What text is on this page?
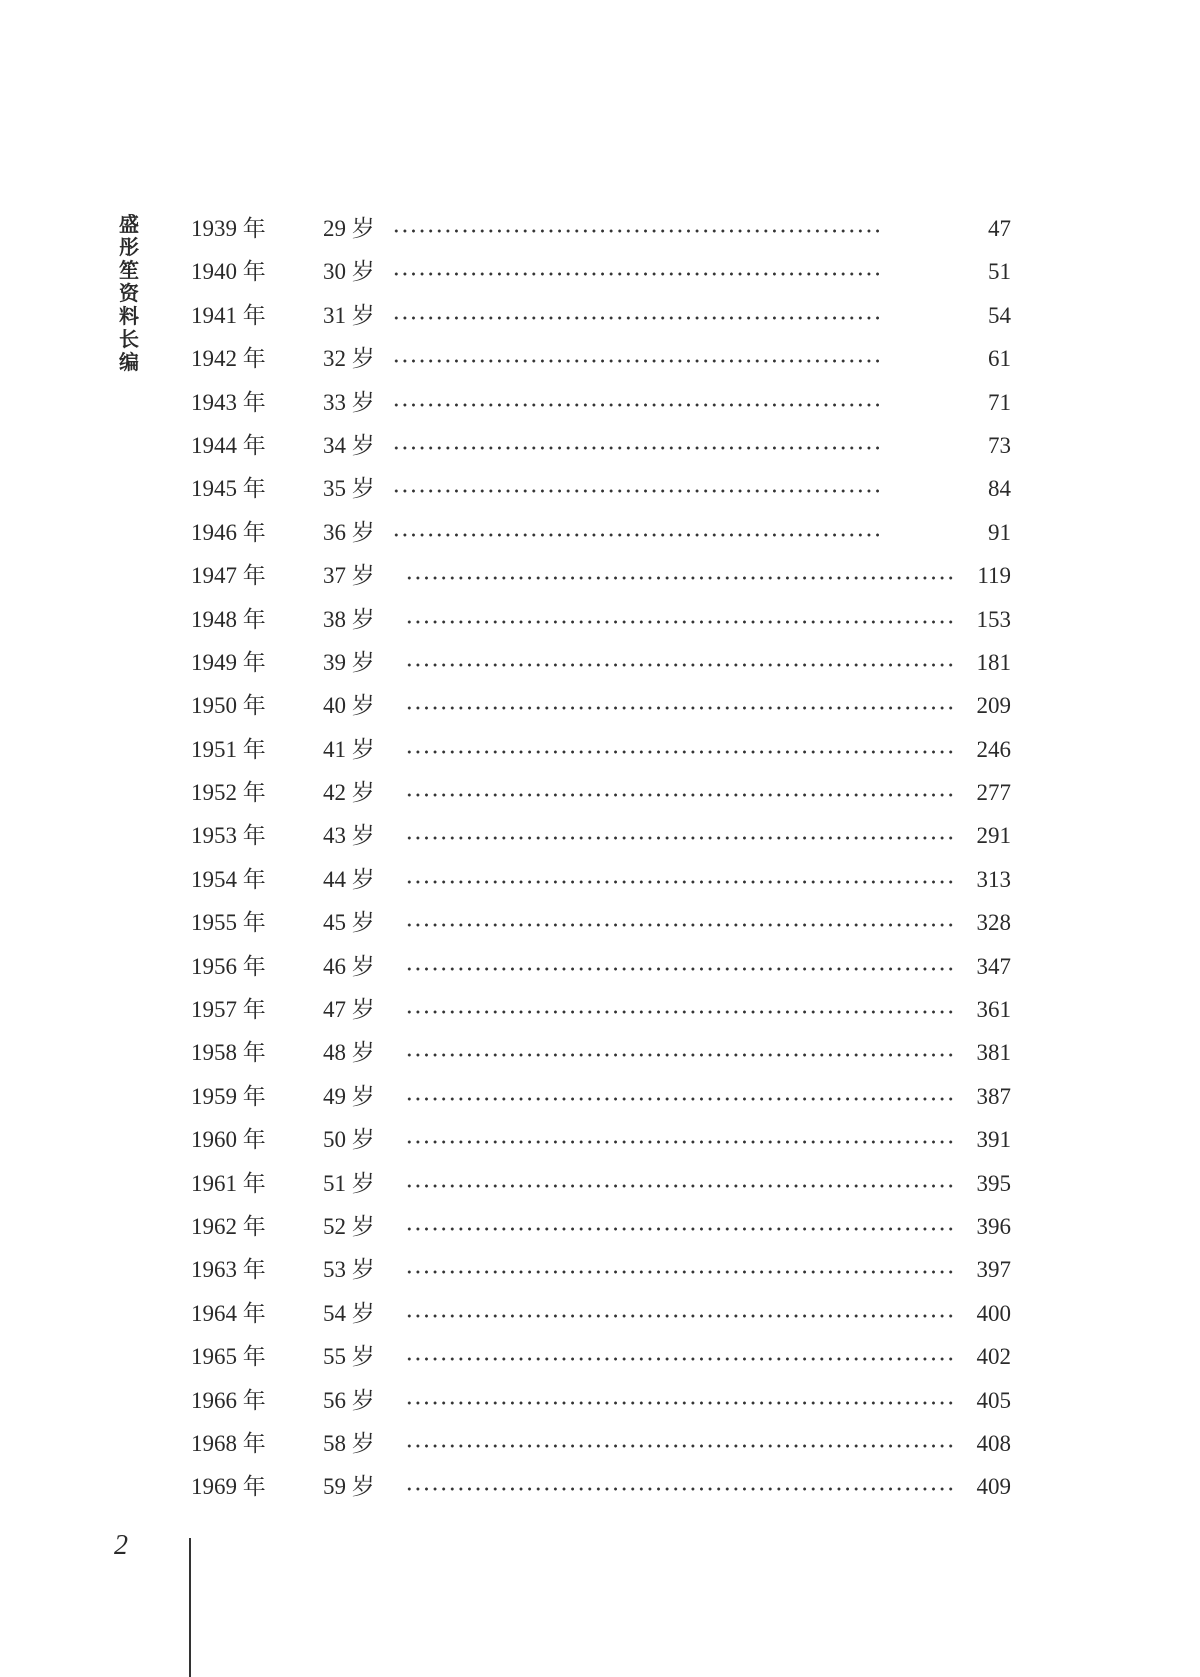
盛彤笙资料长编
1939 年 29 岁	47
1940 年 30 岁	51
1941 年 31 岁	54
1942 年 32 岁	61
1943 年 33 岁	71
1944 年 34 岁	73
1945 年 35 岁	84
1946 年 36 岁	91
1947 年 37 岁	119
1948 年 38 岁	153
1949 年 39 岁	181
1950 年 40 岁	209
1951 年 41 岁	246
1952 年 42 岁	277
1953 年 43 岁	291
1954 年 44 岁	313
1955 年 45 岁	328
1956 年 46 岁	347
1957 年 47 岁	361
1958 年 48 岁	381
1959 年 49 岁	387
1960 年 50 岁	391
1961 年 51 岁	395
1962 年 52 岁	396
1963 年 53 岁	397
1964 年 54 岁	400
1965 年 55 岁	402
1966 年 56 岁	405
1968 年 58 岁	408
1969 年 59 岁	409
2
